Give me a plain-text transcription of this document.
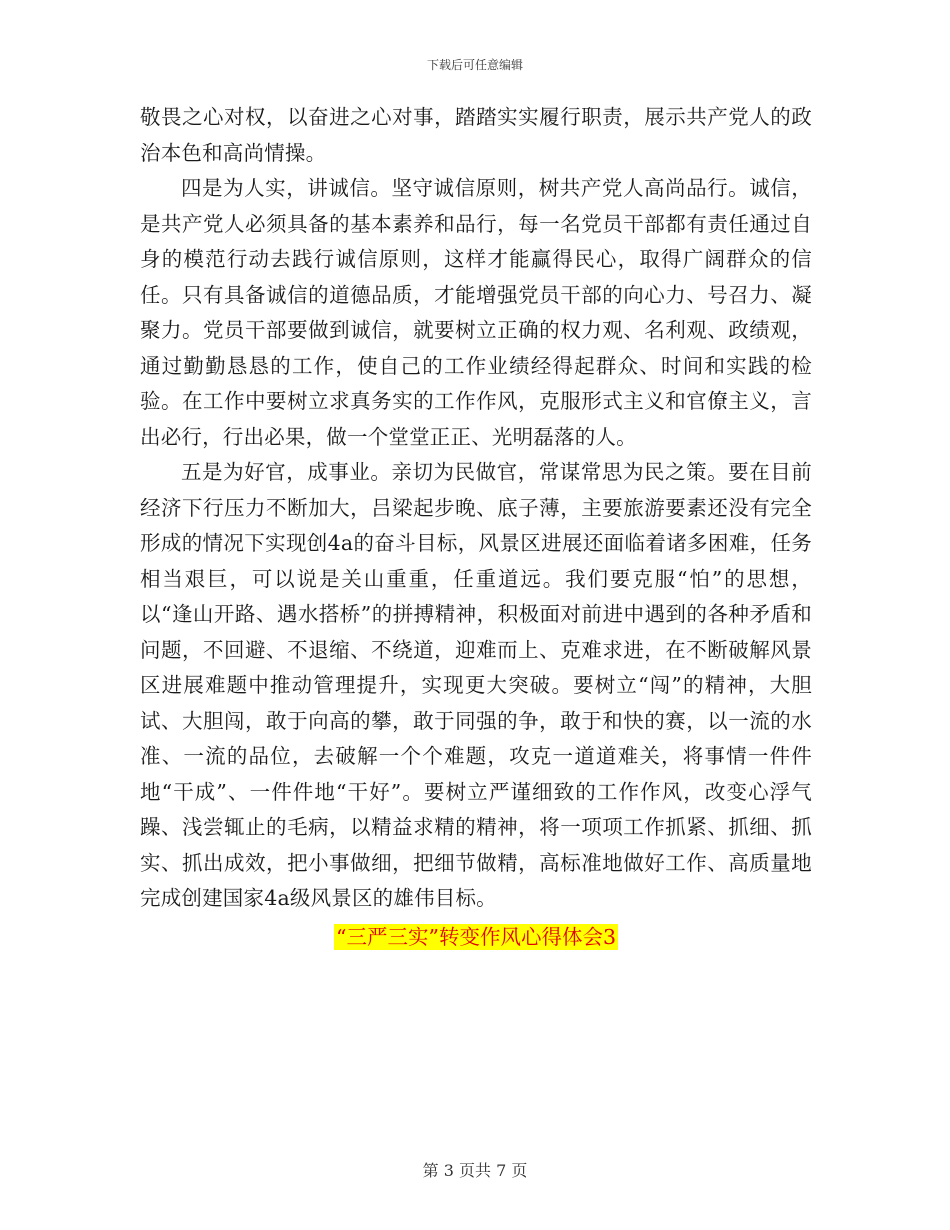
下载后可任意编辑

敬畏之心对权，以奋进之心对事，踏踏实实履行职责，展示共产党人的政治本色和高尚情操。

四是为人实，讲诚信。坚守诚信原则，树共产党人高尚品行。诚信，是共产党人必须具备的基本素养和品行，每一名党员干部都有责任通过自身的模范行动去践行诚信原则，这样才能赢得民心，取得广阔群众的信任。只有具备诚信的道德品质，才能增强党员干部的向心力、号召力、凝聚力。党员干部要做到诚信，就要树立正确的权力观、名利观、政绩观，通过勤勤恳恳的工作，使自己的工作业绩经得起群众、时间和实践的检验。在工作中要树立求真务实的工作作风，克服形式主义和官僚主义，言出必行，行出必果，做一个堂堂正正、光明磊落的人。

五是为好官，成事业。亲切为民做官，常谋常思为民之策。要在目前经济下行压力不断加大，吕梁起步晚、底子薄，主要旅游要素还没有完全形成的情况下实现创4a的奋斗目标，风景区进展还面临着诸多困难，任务相当艰巨，可以说是关山重重，任重道远。我们要克服“怕”的思想，以“逢山开路、遇水搭桥”的拼搏精神，积极面对前进中遇到的各种矛盾和问题，不回避、不退缩、不绕道，迎难而上、克难求进，在不断破解风景区进展难题中推动管理提升，实现更大突破。要树立“闯”的精神，大胆试、大胆闯，敢于向高的攀，敢于同强的争，敢于和快的赛，以一流的水准、一流的品位，去破解一个个难题，攻克一道道难关，将事情一件件地“干成”、一件件地“干好”。要树立严谨细致的工作作风，改变心浮气躁、浅尝辄止的毛病，以精益求精的精神，将一项项工作抓紧、抓细、抓实、抓出成效，把小事做细，把细节做精，高标准地做好工作、高质量地完成创建国家4a级风景区的雄伟目标。

“三严三实”转变作风心得体会3
第 3 页共 7 页
